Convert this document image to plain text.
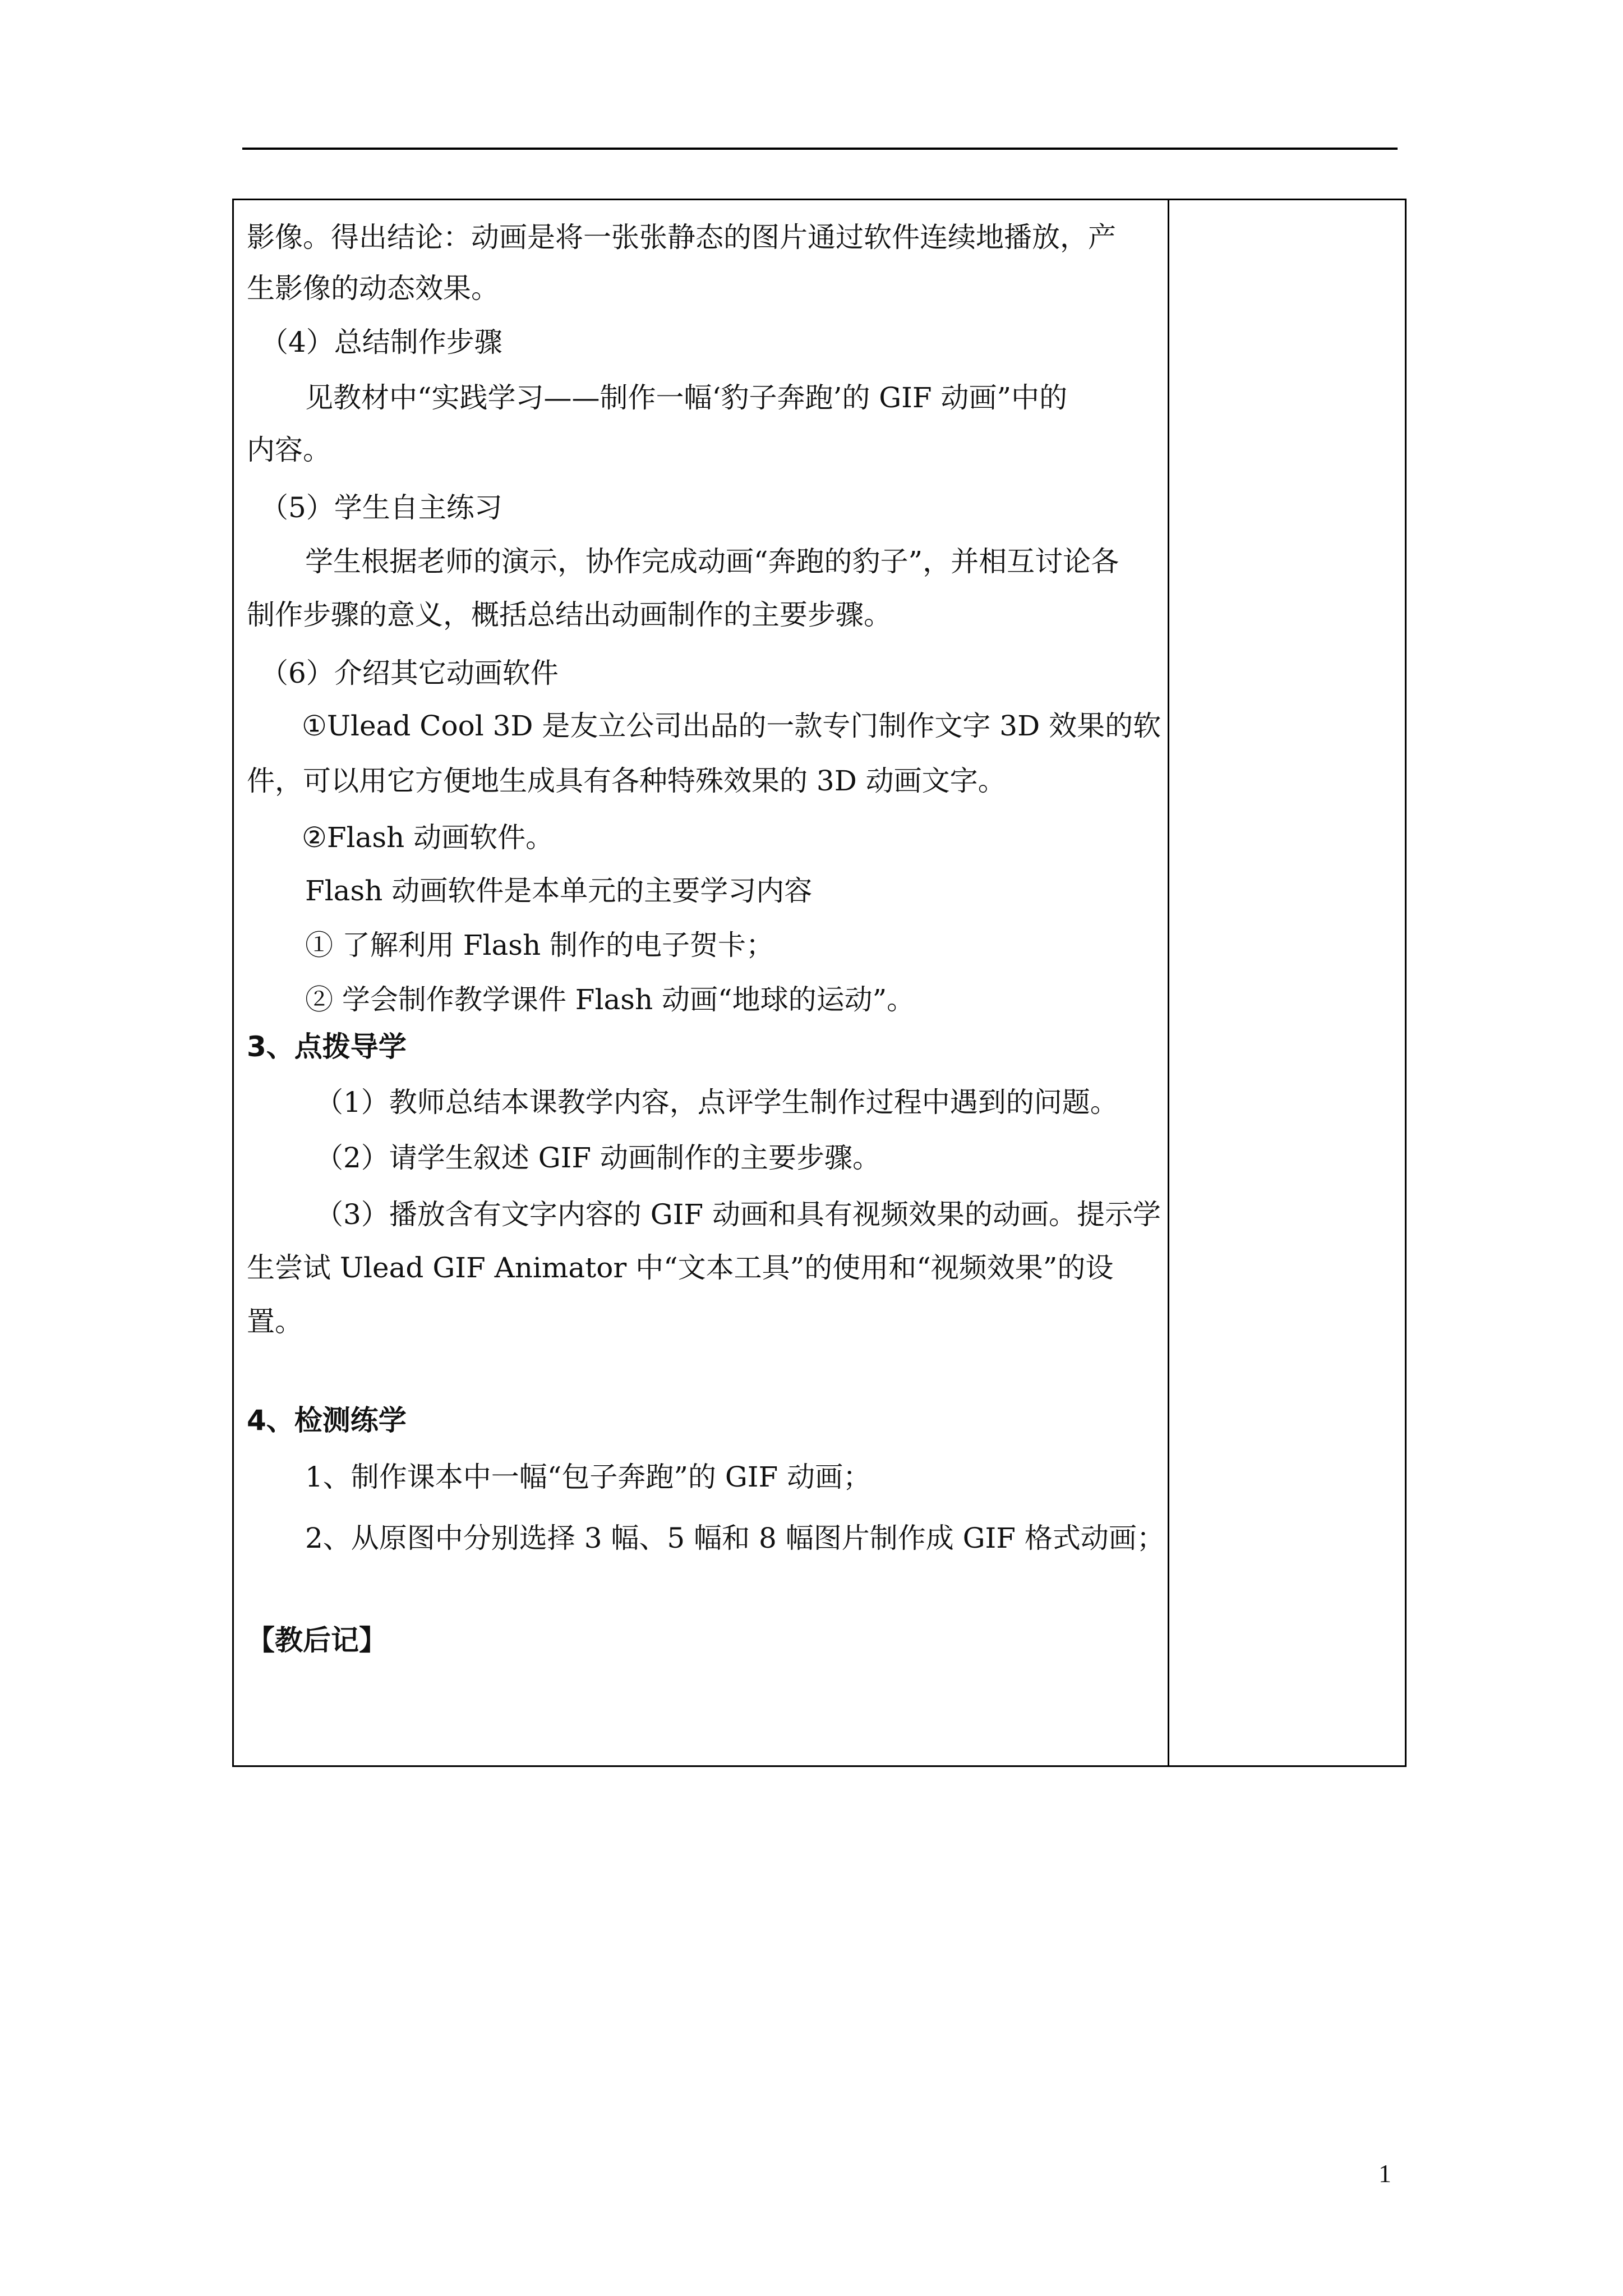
影像。得出结论：动画是将一张张静态的图片通过软件连续地播放，产
生影像的动态效果。
（4）总结制作步骤
见教材中“实践学习——制作一幅‘豹子奔跑’的 GIF 动画”中的
内容。
（5）学生自主练习
学生根据老师的演示，协作完成动画“奔跑的豹子”，并相互讨论各
制作步骤的意义，概括总结出动画制作的主要步骤。
（6）介绍其它动画软件
①Ulead Cool 3D 是友立公司出品的一款专门制作文字 3D 效果的软
件，可以用它方便地生成具有各种特殊效果的 3D 动画文字。
②Flash 动画软件。
Flash 动画软件是本单元的主要学习内容
① 了解利用 Flash 制作的电子贺卡；
② 学会制作教学课件 Flash 动画“地球的运动”。
3、点拨导学
（1）教师总结本课教学内容，点评学生制作过程中遇到的问题。
（2）请学生叙述 GIF 动画制作的主要步骤。
（3）播放含有文字内容的 GIF 动画和具有视频效果的动画。提示学
生尝试 Ulead GIF Animator 中“文本工具”的使用和“视频效果”的设
置。
4、检测练学
1、制作课本中一幅“包子奔跑”的 GIF 动画；
2、从原图中分别选择 3 幅、5 幅和 8 幅图片制作成 GIF 格式动画；
【教后记】
1
